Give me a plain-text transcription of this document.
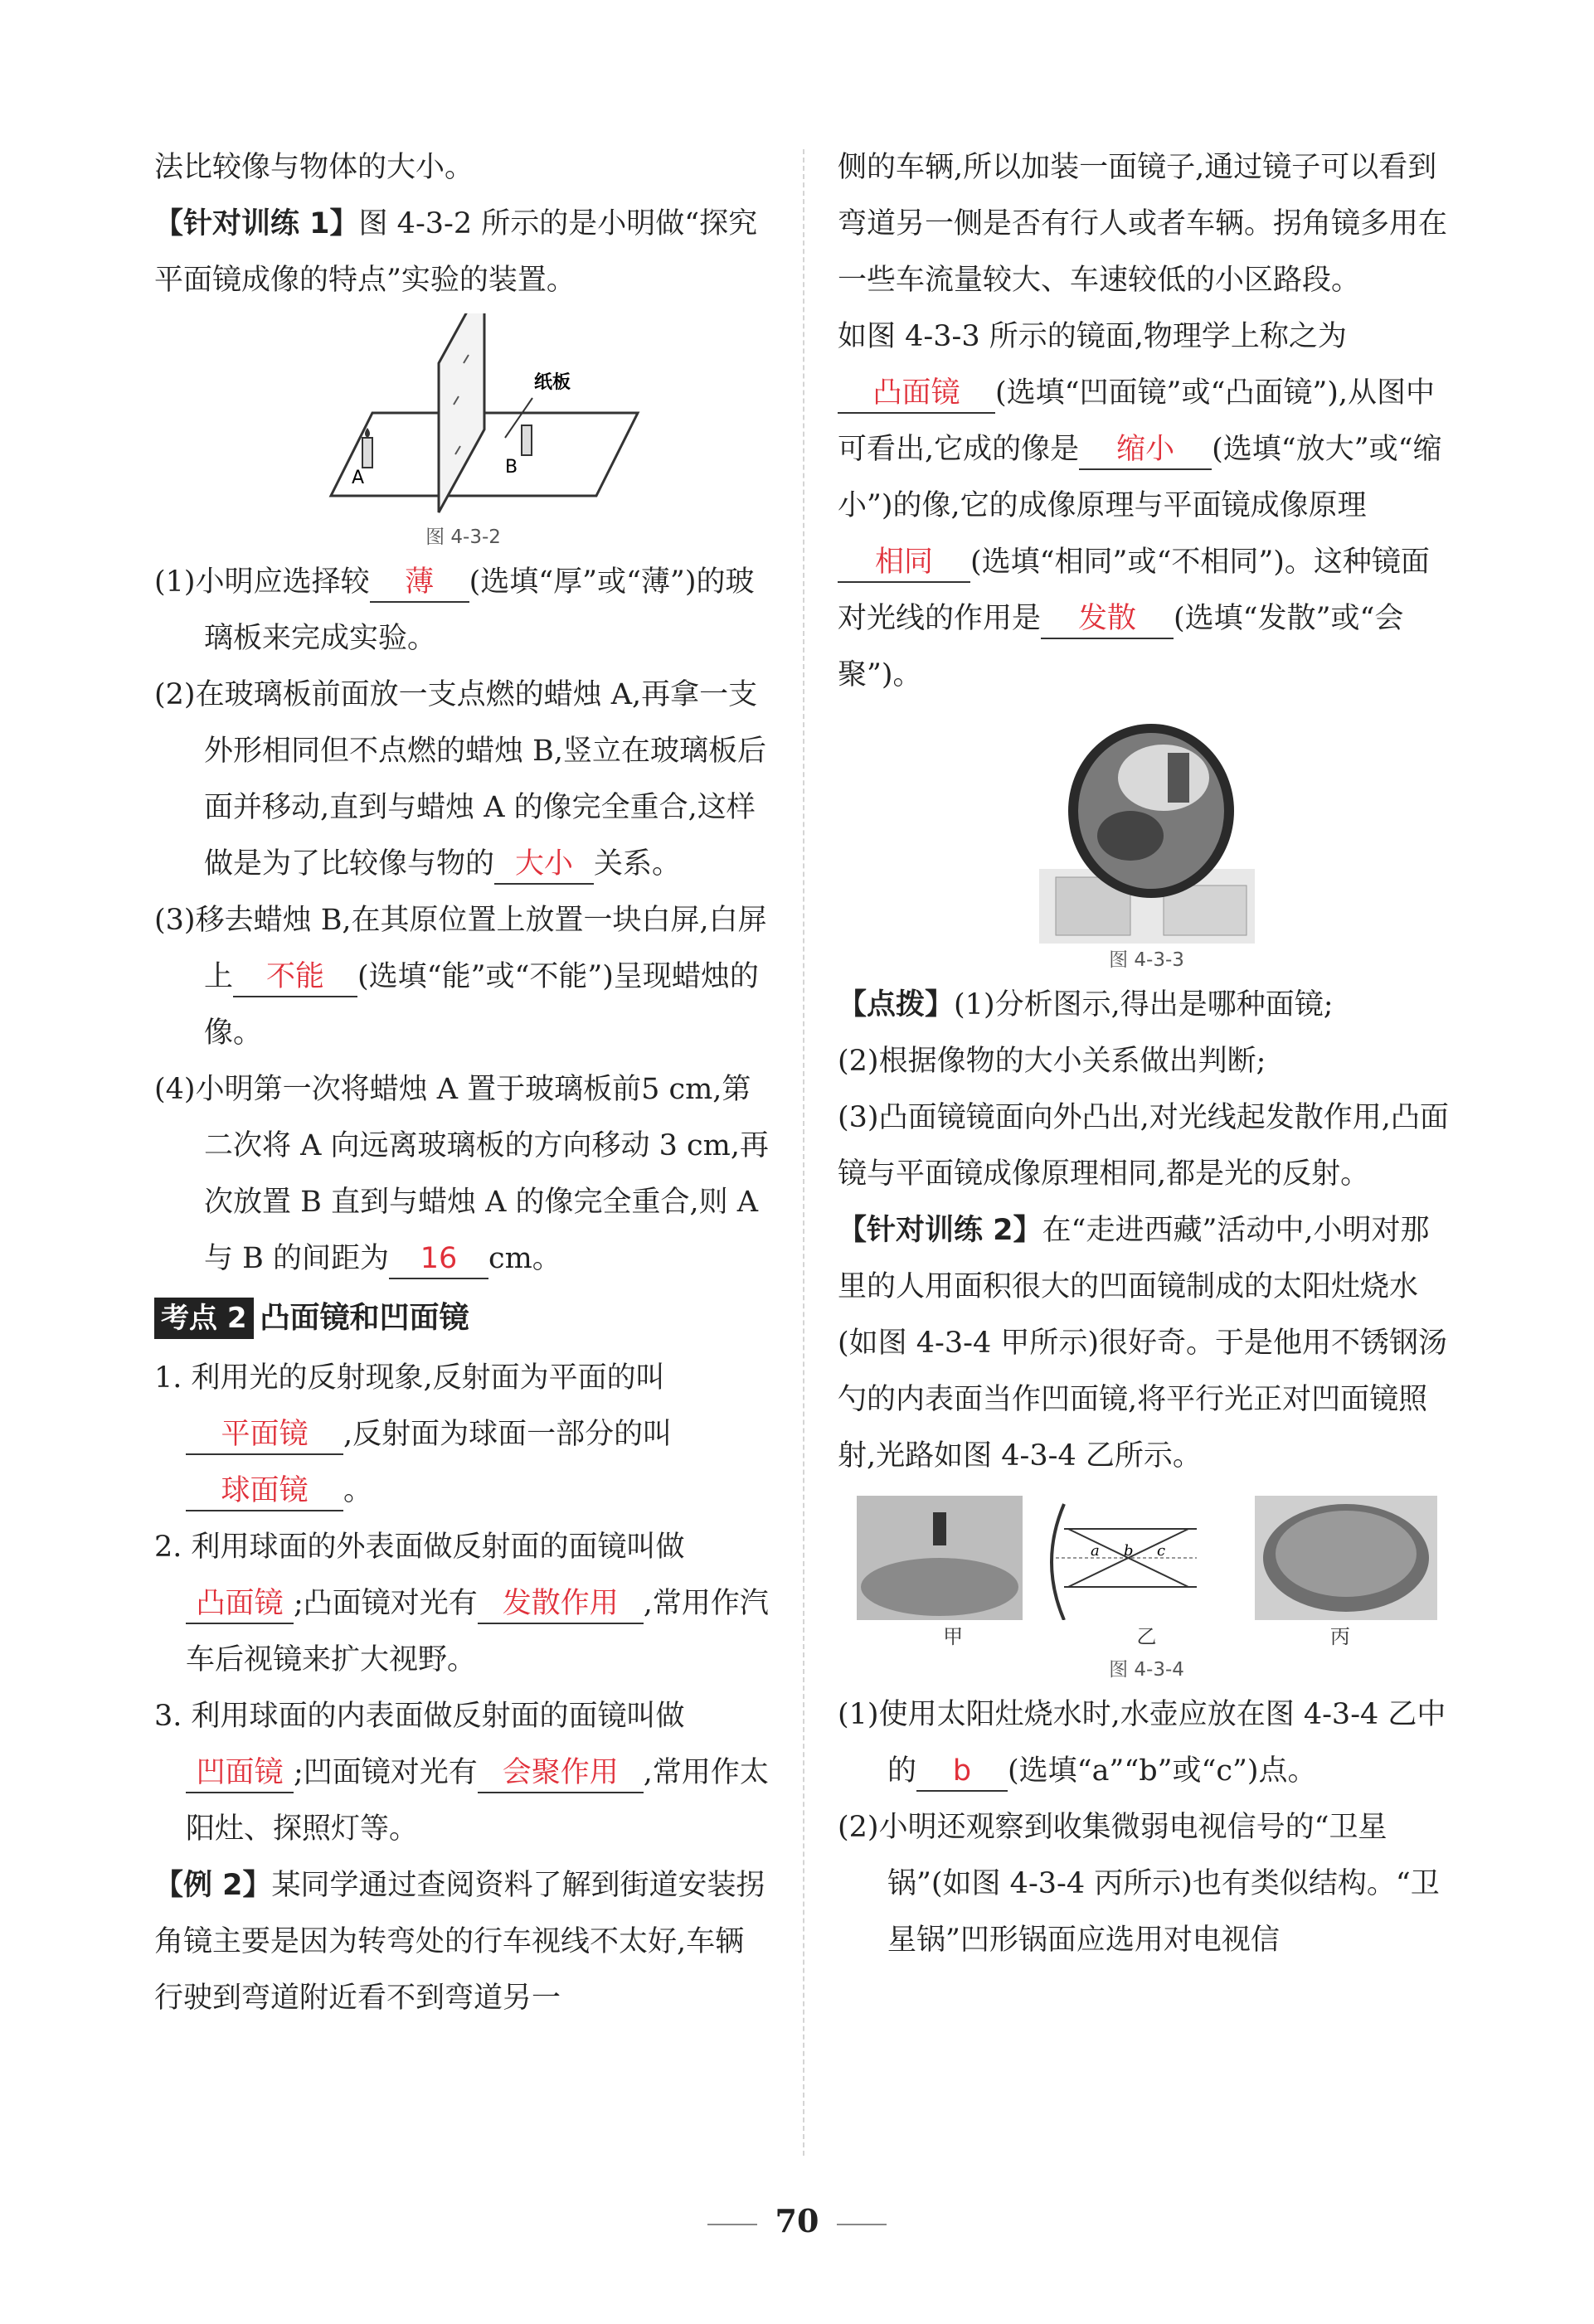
法比较像与物体的大小。

【针对训练 1】图 4-3-2 所示的是小明做“探究平面镜成像的特点”实验的装置。

A
B
纸板
图 4-3-2

(1)小明应选择较 薄 (选填“厚”或“薄”)的玻璃板来完成实验。

(2)在玻璃板前面放一支点燃的蜡烛 A,再拿一支外形相同但不点燃的蜡烛 B,竖立在玻璃板后面并移动,直到与蜡烛 A 的像完全重合,这样做是为了比较像与物的 大小 关系。

(3)移去蜡烛 B,在其原位置上放置一块白屏,白屏上 不能 (选填“能”或“不能”)呈现蜡烛的像。

(4)小明第一次将蜡烛 A 置于玻璃板前5 cm,第二次将 A 向远离玻璃板的方向移动 3 cm,再次放置 B 直到与蜡烛 A 的像完全重合,则 A 与 B 的间距为 16 cm。

考点 2 凸面镜和凹面镜

1. 利用光的反射现象,反射面为平面的叫平面镜 ,反射面为球面一部分的叫球面镜 。

2. 利用球面的外表面做反射面的面镜叫做凸面镜 ;凸面镜对光有 发散作用 ,常用作汽车后视镜来扩大视野。

3. 利用球面的内表面做反射面的面镜叫做凹面镜 ;凹面镜对光有 会聚作用 ,常用作太阳灶、探照灯等。

【例 2】某同学通过查阅资料了解到街道安装拐角镜主要是因为转弯处的行车视线不太好,车辆行驶到弯道附近看不到弯道另一

侧的车辆,所以加装一面镜子,通过镜子可以看到弯道另一侧是否有行人或者车辆。拐角镜多用在一些车流量较大、车速较低的小区路段。

如图 4-3-3 所示的镜面,物理学上称之为凸面镜 (选填“凹面镜”或“凸面镜”),从图中可看出,它成的像是 缩小 (选填“放大”或“缩小”)的像,它的成像原理与平面镜成像原理相同 (选填“相同”或“不相同”)。这种镜面对光线的作用是 发散 (选填“发散”或“会聚”)。

图 4-3-3

【点拨】(1)分析图示,得出是哪种面镜;

(2)根据像物的大小关系做出判断;

(3)凸面镜镜面向外凸出,对光线起发散作用,凸面镜与平面镜成像原理相同,都是光的反射。

【针对训练 2】在“走进西藏”活动中,小明对那里的人用面积很大的凹面镜制成的太阳灶烧水(如图 4-3-4 甲所示)很好奇。于是他用不锈钢汤勺的内表面当作凹面镜,将平行光正对凹面镜照射,光路如图 4-3-4 乙所示。

a b c
甲	乙	丙
图 4-3-4

(1)使用太阳灶烧水时,水壶应放在图 4-3-4 乙中的 b (选填“a”“b”或“c”)点。

(2)小明还观察到收集微弱电视信号的“卫星锅”(如图 4-3-4 丙所示)也有类似结构。“卫星锅”凹形锅面应选用对电视信

70
